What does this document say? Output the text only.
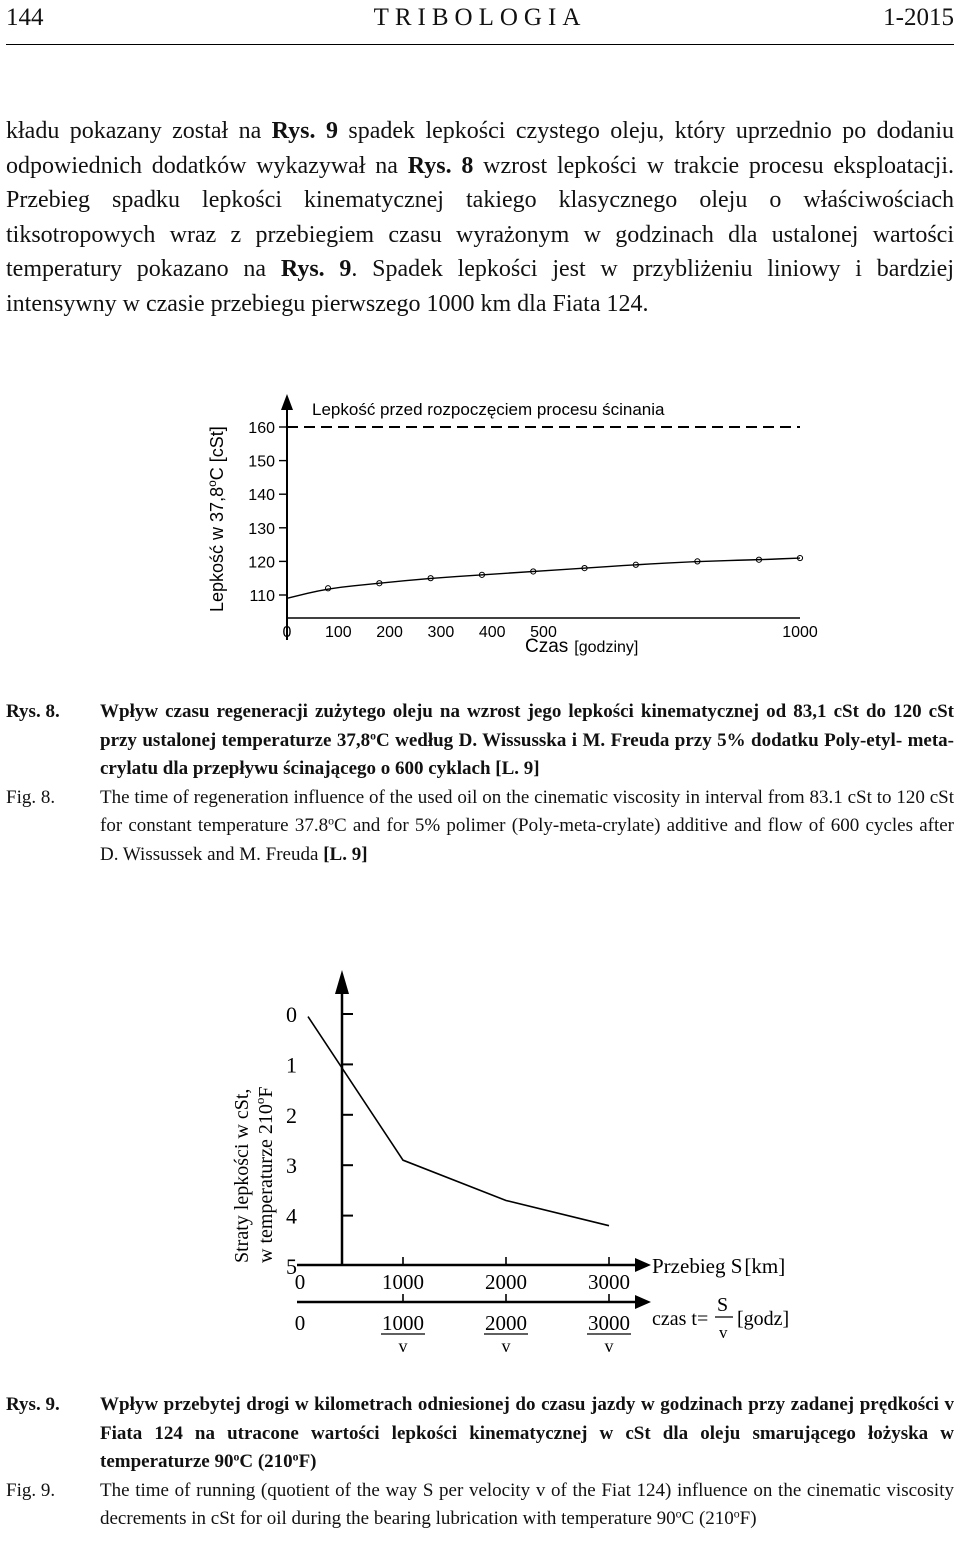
144	TRIBOLOGIA	1-2015
kładu pokazany został na Rys. 9 spadek lepkości czystego oleju, który uprzednio po dodaniu odpowiednich dodatków wykazywał na Rys. 8 wzrost lepkości w trakcie procesu eksploatacji. Przebieg spadku lepkości kinematycznej takiego klasycznego oleju o właściwościach tiksotropowych wraz z przebiegiem czasu wyrażonym w godzinach dla ustalonej wartości temperatury pokazano na Rys. 9. Spadek lepkości jest w przybliżeniu liniowy i bardziej intensywny w czasie przebiegu pierwszego 1000 km dla Fiata 124.
Lepkość przed rozpoczęciem procesu ścinania
160
150
140
130
120
110
0 100 200 300 400 500	1000
Lepkość w 37,8$^o$C [cSt]
Czas [godziny]
Rys. 8.	Wpływ czasu regeneracji zużytego oleju na wzrost jego lepkości kinematycznej od 83,1 cSt do 120 cSt przy ustalonej temperaturze 37,8$^o$C według D. Wissusska i M. Freuda przy 5% dodatku Poly-etyl- meta-crylatu dla przepływu ścinającego o 600 cyklach [L. 9]
Fig. 8.	The time of regeneration influence of the used oil on the cinematic viscosity in interval from 83.1 cSt to 120 cSt for constant temperature 37.8$^o$C and for 5% polimer (Poly-meta-crylate) additive and flow of 600 cycles after D. Wissussek and M. Freuda [L. 9]
0
1
2
3
4
5
0	1000	2000	3000
0	1000
v
2000
v
3000
v
Straty lepkości w cSt, w temperaturze 210$^o$F
Przebieg S[km]
czas t=
S
v
[godz]
Rys. 9.	Wpływ przebytej drogi w kilometrach odniesionej do czasu jazdy w godzinach przy zadanej prędkości v Fiata 124 na utracone wartości lepkości kinematycznej w cSt dla oleju smarującego łożyska w temperaturze 90$^o$C (210$^o$F)
Fig. 9.	The time of running (quotient of the way S per velocity v of the Fiat 124) influence on the cinematic viscosity decrements in cSt for oil during the bearing lubrication with temperature 90$^o$C (210$^o$F)
